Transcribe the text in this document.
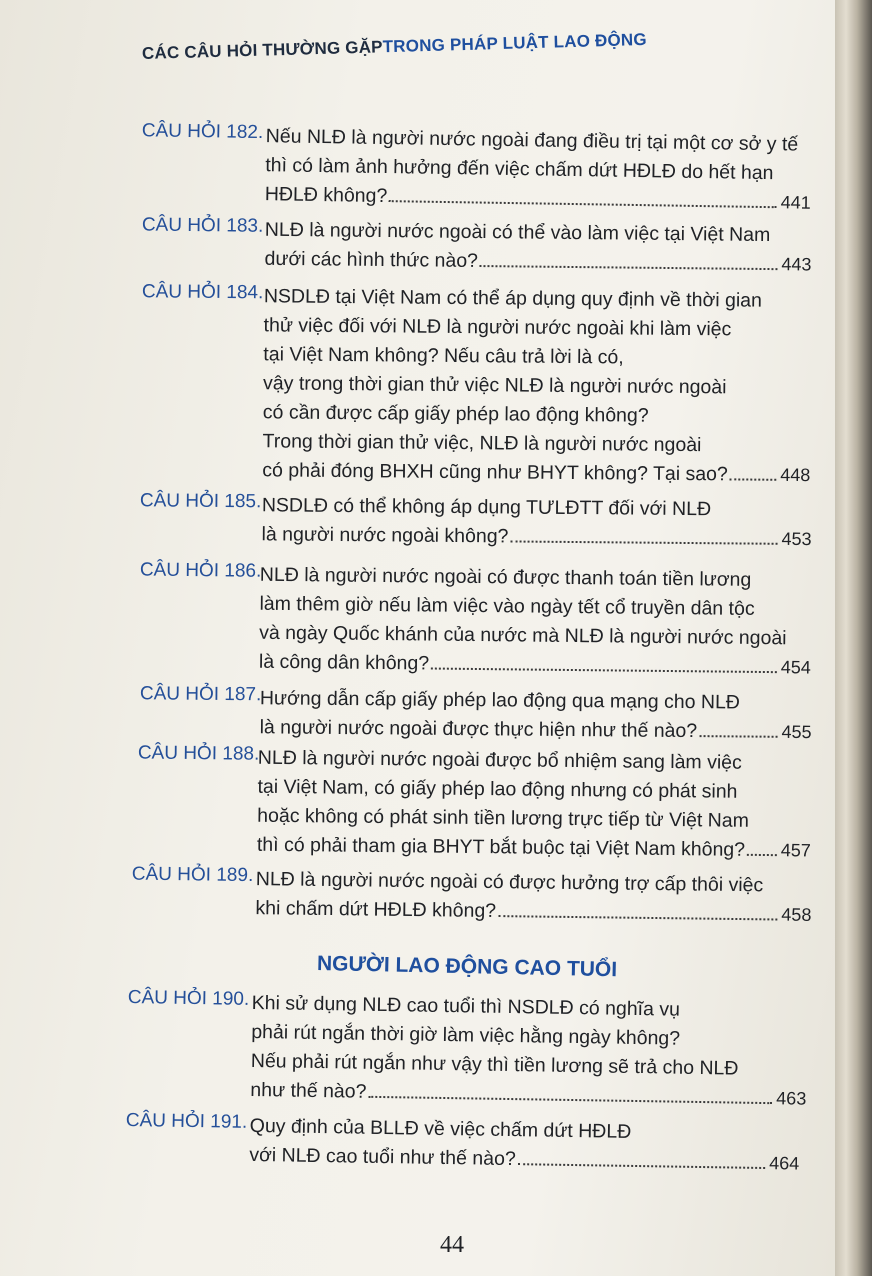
CÁC CÂU HỎI THƯỜNG GẶPTRONG PHÁP LUẬT LAO ĐỘNG
CÂU HỎI 182. Nếu NLĐ là người nước ngoài đang điều trị tại một cơ sở y tế
thì có làm ảnh hưởng đến việc chấm dứt HĐLĐ do hết hạn
HĐLĐ không?	441
CÂU HỎI 183. NLĐ là người nước ngoài có thể vào làm việc tại Việt Nam
dưới các hình thức nào?	443
CÂU HỎI 184. NSDLĐ tại Việt Nam có thể áp dụng quy định về thời gian
thử việc đối với NLĐ là người nước ngoài khi làm việc
tại Việt Nam không? Nếu câu trả lời là có,
vậy trong thời gian thử việc NLĐ là người nước ngoài
có cần được cấp giấy phép lao động không?
Trong thời gian thử việc, NLĐ là người nước ngoài
có phải đóng BHXH cũng như BHYT không? Tại sao?	448
CÂU HỎI 185. NSDLĐ có thể không áp dụng TƯLĐTT đối với NLĐ
là người nước ngoài không?	453
CÂU HỎI 186.
NLĐ là người nước ngoài có được thanh toán tiền lương
làm thêm giờ nếu làm việc vào ngày tết cổ truyền dân tộc
và ngày Quốc khánh của nước mà NLĐ là người nước ngoài
là công dân không?	454
CÂU HỎI 187.
Hướng dẫn cấp giấy phép lao động qua mạng cho NLĐ
là người nước ngoài được thực hiện như thế nào?	455
CÂU HỎI 188.
NLĐ là người nước ngoài được bổ nhiệm sang làm việc
tại Việt Nam, có giấy phép lao động nhưng có phát sinh
hoặc không có phát sinh tiền lương trực tiếp từ Việt Nam
thì có phải tham gia BHYT bắt buộc tại Việt Nam không? 457
CÂU HỎI 189. NLĐ là người nước ngoài có được hưởng trợ cấp thôi việc
khi chấm dứt HĐLĐ không?	458
CÂU HỎI 190. Khi sử dụng NLĐ cao tuổi thì NSDLĐ có nghĩa vụ
phải rút ngắn thời giờ làm việc hằng ngày không?
Nếu phải rút ngắn như vậy thì tiền lương sẽ trả cho NLĐ
như thế nào?	463
CÂU HỎI 191. Quy định của BLLĐ về việc chấm dứt HĐLĐ
với NLĐ cao tuổi như thế nào?	464
NGƯỜI LAO ĐỘNG CAO TUỔI
44
